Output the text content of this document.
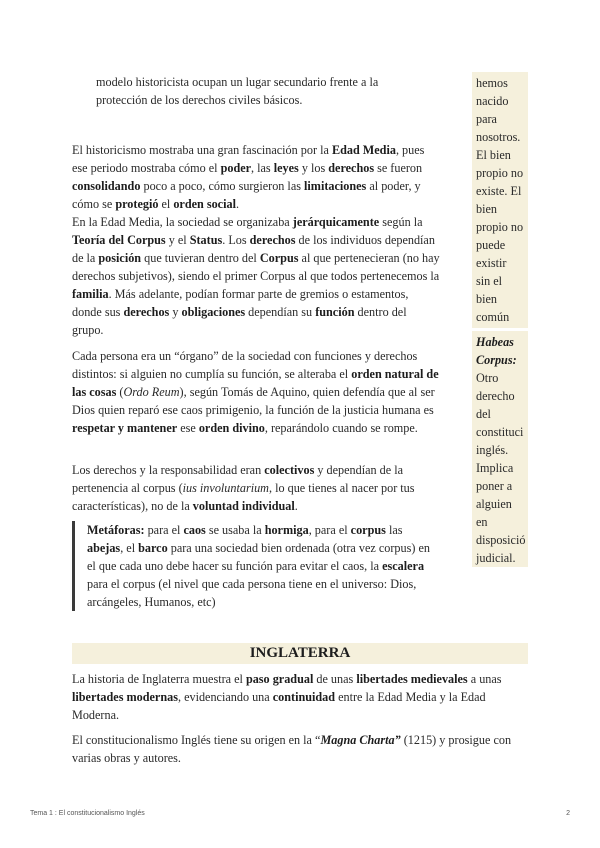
modelo historicista ocupan un lugar secundario frente a la
protección de los derechos civiles básicos.

El historicismo mostraba una gran fascinación por la Edad Media, pues ese periodo mostraba cómo el poder, las leyes y los derechos se fueron consolidando poco a poco, cómo surgieron las limitaciones al poder, y cómo se protegió el orden social.

En la Edad Media, la sociedad se organizaba jerárquicamente según la Teoría del Corpus y el Status. Los derechos de los individuos dependían de la posición que tuvieran dentro del Corpus al que pertenecieran (no hay derechos subjetivos), siendo el primer Corpus al que todos pertenecemos la familia. Más adelante, podían formar parte de gremios o estamentos, donde sus derechos y obligaciones dependían su función dentro del grupo.

Cada persona era un “órgano” de la sociedad con funciones y derechos distintos: si alguien no cumplía su función, se alteraba el orden natural de las cosas (Ordo Reum), según Tomás de Aquino, quien defendía que al ser Dios quien reparó ese caos primigenio, la función de la justicia humana es respetar y mantener ese orden divino, reparándolo cuando se rompe.

Los derechos y la responsabilidad eran colectivos y dependían de la pertenencia al corpus (ius involuntarium, lo que tienes al nacer por tus características), no de la voluntad individual.

Metáforas: para el caos se usaba la hormiga, para el corpus las abejas, el barco para una sociedad bien ordenada (otra vez corpus) en el que cada uno debe hacer su función para evitar el caos, la escalera para el corpus (el nivel que cada persona tiene en el universo: Dios, arcángeles, Humanos, etc)
hemos
nacido
para
nosotros.
El bien
propio no
existe. El
bien
propio no
puede
existir
sin el
bien
común
Habeas
Corpus:
Otro
derecho
del
constituci
inglés.
Implica
poner a
alguien
en
disposició
judicial.
INGLATERRA

La historia de Inglaterra muestra el paso gradual de unas libertades medievales a unas libertades modernas, evidenciando una continuidad entre la Edad Media y la Edad Moderna.

El constitucionalismo Inglés tiene su origen en la “Magna Charta” (1215) y prosigue con varias obras y autores.

Tema 1 : El constitucionalismo Inglés	2
